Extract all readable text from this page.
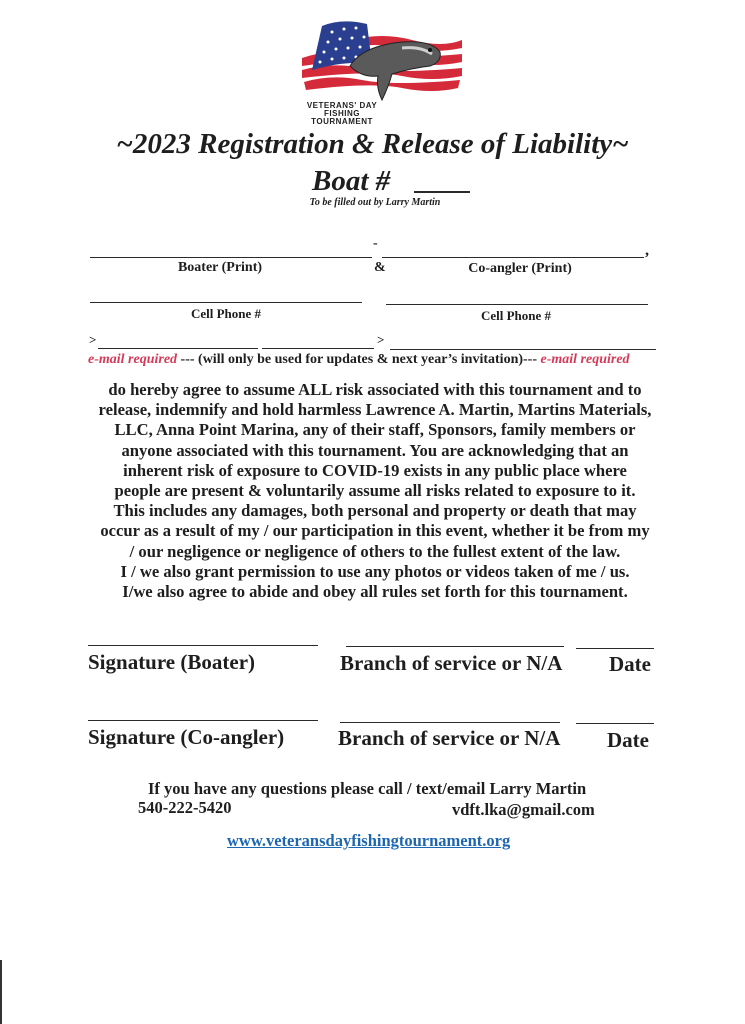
VETERANS' DAY
FISHING
TOURNAMENT
~2023 Registration & Release of Liability~
Boat #
To be filled out by Larry Martin
-	,
Boater (Print)	&	Co-angler (Print)
Cell Phone #	Cell Phone #
>	>
e-mail required --- (will only be used for updates & next year’s invitation)--- e-mail required
do hereby agree to assume ALL risk associated with this tournament and to
release, indemnify and hold harmless Lawrence A. Martin, Martins Materials,
LLC, Anna Point Marina, any of their staff, Sponsors, family members or
anyone associated with this tournament. You are acknowledging that an
inherent risk of exposure to COVID-19 exists in any public place where
people are present & voluntarily assume all risks related to exposure to it.
This includes any damages, both personal and property or death that may
occur as a result of my / our participation in this event, whether it be from my
/ our negligence or negligence of others to the fullest extent of the law.
I / we also grant permission to use any photos or videos taken of me / us.
I/we also agree to abide and obey all rules set forth for this tournament.
Signature (Boater)	Branch of service or N/A Date
Signature (Co-angler)	Branch of service or N/A Date
If you have any questions please call / text/email Larry Martin
540-222-5420	vdft.lka@gmail.com
www.veteransdayfishingtournament.org
